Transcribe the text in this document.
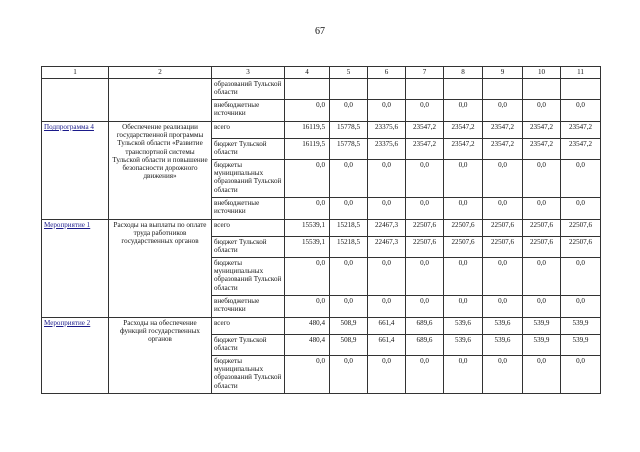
67
1	2	3	4	5	6	7	8	9	10	11
		образований Тульской области								
		внебюджетные источники	0,0	0,0	0,0	0,0	0,0	0,0	0,0	0,0
Подпрограмма 4	Обеспечение реализации государственной программы Тульской области «Развитие транспортной системы Тульской области и повышение безопасности дорожного движения»	всего	16119,5	15778,5	23375,6	23547,2	23547,2	23547,2	23547,2	23547,2
		бюджет Тульской области	16119,5	15778,5	23375,6	23547,2	23547,2	23547,2	23547,2	23547,2
		бюджеты муниципальных образований Тульской области	0,0	0,0	0,0	0,0	0,0	0,0	0,0	0,0
		внебюджетные источники	0,0	0,0	0,0	0,0	0,0	0,0	0,0	0,0
Мероприятие 1	Расходы на выплаты по оплате труда работников государственных органов	всего	15539,1	15218,5	22467,3	22507,6	22507,6	22507,6	22507,6	22507,6
		бюджет Тульской области	15539,1	15218,5	22467,3	22507,6	22507,6	22507,6	22507,6	22507,6
		бюджеты муниципальных образований Тульской области	0,0	0,0	0,0	0,0	0,0	0,0	0,0	0,0
		внебюджетные источники	0,0	0,0	0,0	0,0	0,0	0,0	0,0	0,0
Мероприятие 2	Расходы на обеспечение функций государственных органов	всего	480,4	508,9	661,4	689,6	539,6	539,6	539,9	539,9
		бюджет Тульской области	480,4	508,9	661,4	689,6	539,6	539,6	539,9	539,9
		бюджеты муниципальных образований Тульской области	0,0	0,0	0,0	0,0	0,0	0,0	0,0	0,0
